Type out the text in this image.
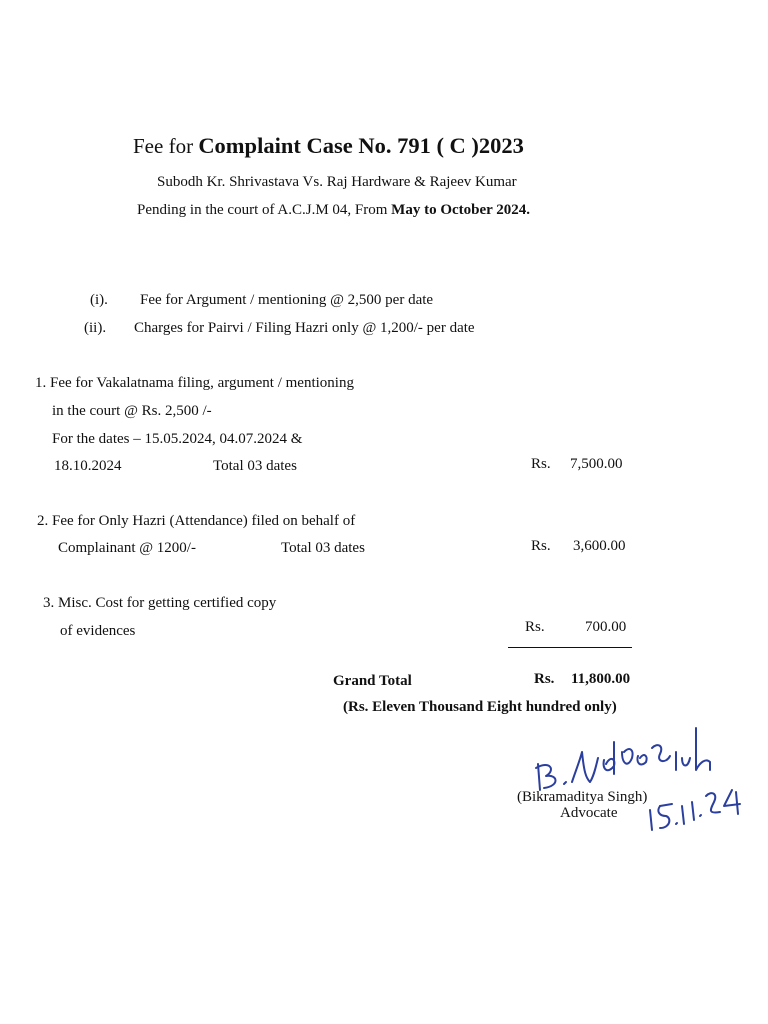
Fee for Complaint Case No. 791 ( C )2023
Subodh Kr. Shrivastava Vs. Raj Hardware & Rajeev Kumar
Pending in the court of A.C.J.M 04, From May to October 2024.
(i). Fee for Argument / mentioning @ 2,500 per date
(ii). Charges for Pairvi / Filing Hazri only @ 1,200/- per date
1. Fee for Vakalatnama filing, argument / mentioning
in the court @ Rs. 2,500 /-
For the dates – 15.05.2024, 04.07.2024 &
18.10.2024	Total 03 dates	Rs. 7,500.00
2. Fee for Only Hazri (Attendance) filed on behalf of
Complainant @ 1200/-	Total 03 dates	Rs. 3,600.00
3. Misc. Cost for getting certified copy
of evidences	Rs.	700.00
Grand Total	Rs. 11,800.00
(Rs. Eleven Thousand Eight hundred only)
(Bikramaditya Singh)
Advocate
